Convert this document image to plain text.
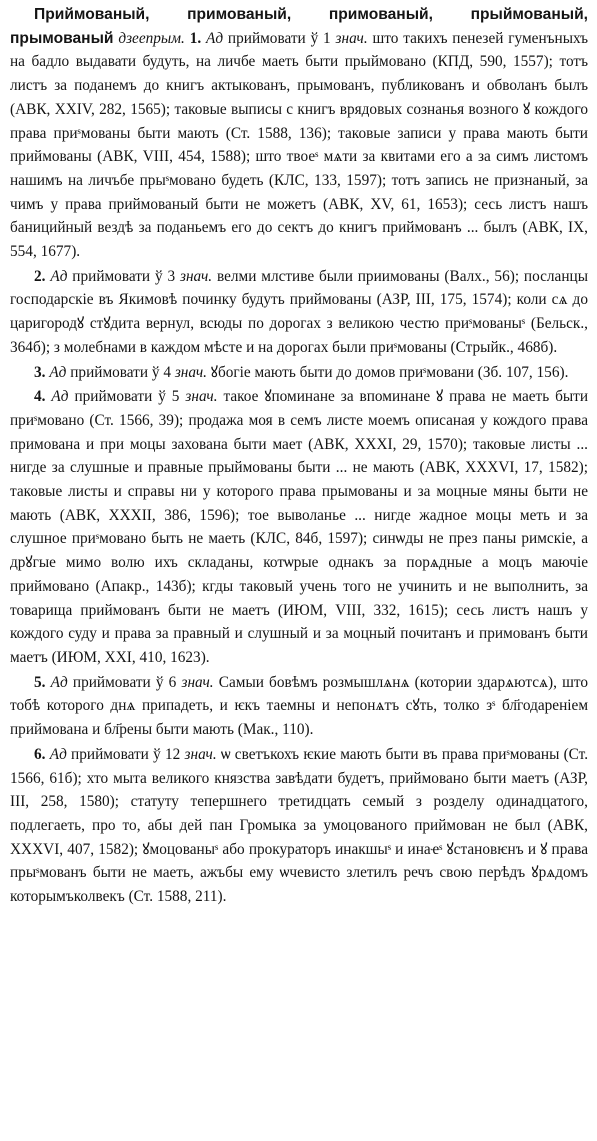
Приймованый, примованый, примованый, прыймованый, прымованый дзеепрым. 1. Ад приймовати ў 1 знач. што такихъ пенезей гуменъныхъ на бадло выдавати будуть, на личбе маеть быти прыймовано (КПД, 590, 1557); тотъ листъ за поданемъ до книгъ актыкованъ, прымованъ, публикованъ и обволанъ былъ (АВК, XXIV, 282, 1565); таковые выписы с книгъ врядовых сознанья возного ꙋ кождого права приˢмованы быти мають (Ст. 1588, 136); таковые записи у права мають быти приймованы (АВК, VIII, 454, 1588); што твоеˢ мѧти за квитами его а за симъ листомъ нашимъ на личъбе прыˢмовано будеть (КЛС, 133, 1597); тотъ запись не признаный, за чимъ у права приймованый быти не можетъ (АВК, XV, 61, 1653); сесь листъ нашъ баницийный вездѣ за поданьемъ его до сектъ до книгъ приймованъ ... былъ (АВК, IX, 554, 1677).

2. Ад приймовати ў 3 знач. велми млстиве были приимованы (Валх., 56); посланцы господарскiе въ Якимовѣ починку будуть приймованы (АЗР, III, 175, 1574); коли сѧ до царигородꙋ стꙋдита вернул, всюды по дорогах з великою честю приˢмованыˢ (Бельск., 364б); з молебнами в каждом мѣсте и на дорогах были приˢмованы (Стрыйк., 468б).

3. Ад приймовати ў 4 знач. ꙋбогiе мають быти до домов приˢмовани (Зб. 107, 156).

4. Ад приймовати ў 5 знач. такое ꙋпоминане за впоминане ꙋ права не маеть быти приˢмовано (Ст. 1566, 39); продажа моя в семъ листе моемъ описаная у кождого права примована и при моцы захована быти мает (АВК, XXXI, 29, 1570); таковые листы ... нигде за слушные и правные прыймованы быти ... не мають (АВК, XXXVI, 17, 1582); таковые листы и справы ни у которого права прымованы и за моцные мяны быти не мають (АВК, XXXII, 386, 1596); тое выволанье ... нигде жадное моцы меть и за слушное приˢмовано быть не маеть (КЛС, 84б, 1597); синѡды не през паны римскiе, а дрꙋгые мимо волю ихъ складаны, котѡрые однакъ за порѧдные а моцъ маючiе приймовано (Апакр., 143б); кгды таковый учень того не учинить и не выполнить, за товарища приймованъ быти не маетъ (ИЮМ, VIII, 332, 1615); сесь листъ нашъ у кождого суду и права за правный и слушный и за моцный почитанъ и примованъ быти маетъ (ИЮМ, XXI, 410, 1623).

5. Ад приймовати ў 6 знач. Самыи бовѣмъ розмышлѧнѧ (котории здарѧютсѧ), што тобѣ которого днѧ припадеть, и ѥкъ таемны и непонѧтъ сꙋть, толко зˢ бл҃годаренiем приймована и бл҃рены быти мають (Мак., 110).

6. Ад приймовати ў 12 знач. ѡ светъкохъ ѥкие мають быти въ права приˢмованы (Ст. 1566, 61б); хто мыта великого князства завѣдати будетъ, приймовано быти маетъ (АЗР, III, 258, 1580); статуту тепершнего третидцать семый з розделу одинадцатого, подлегаеть, про то, абы дей пан Громыка за умоцованого приймован не был (АВК, XXXVI, 407, 1582); ꙋмоцованыˢ або прокураторъ инакшыˢ и инаҽˢ ꙋстановѥнъ и ꙋ права прыˢмованъ быти не маеть, ажъбы ему ѡчевисто злетилъ речъ свою перѣдъ ꙋрѧдомъ которымъколвекъ (Ст. 1588, 211).
